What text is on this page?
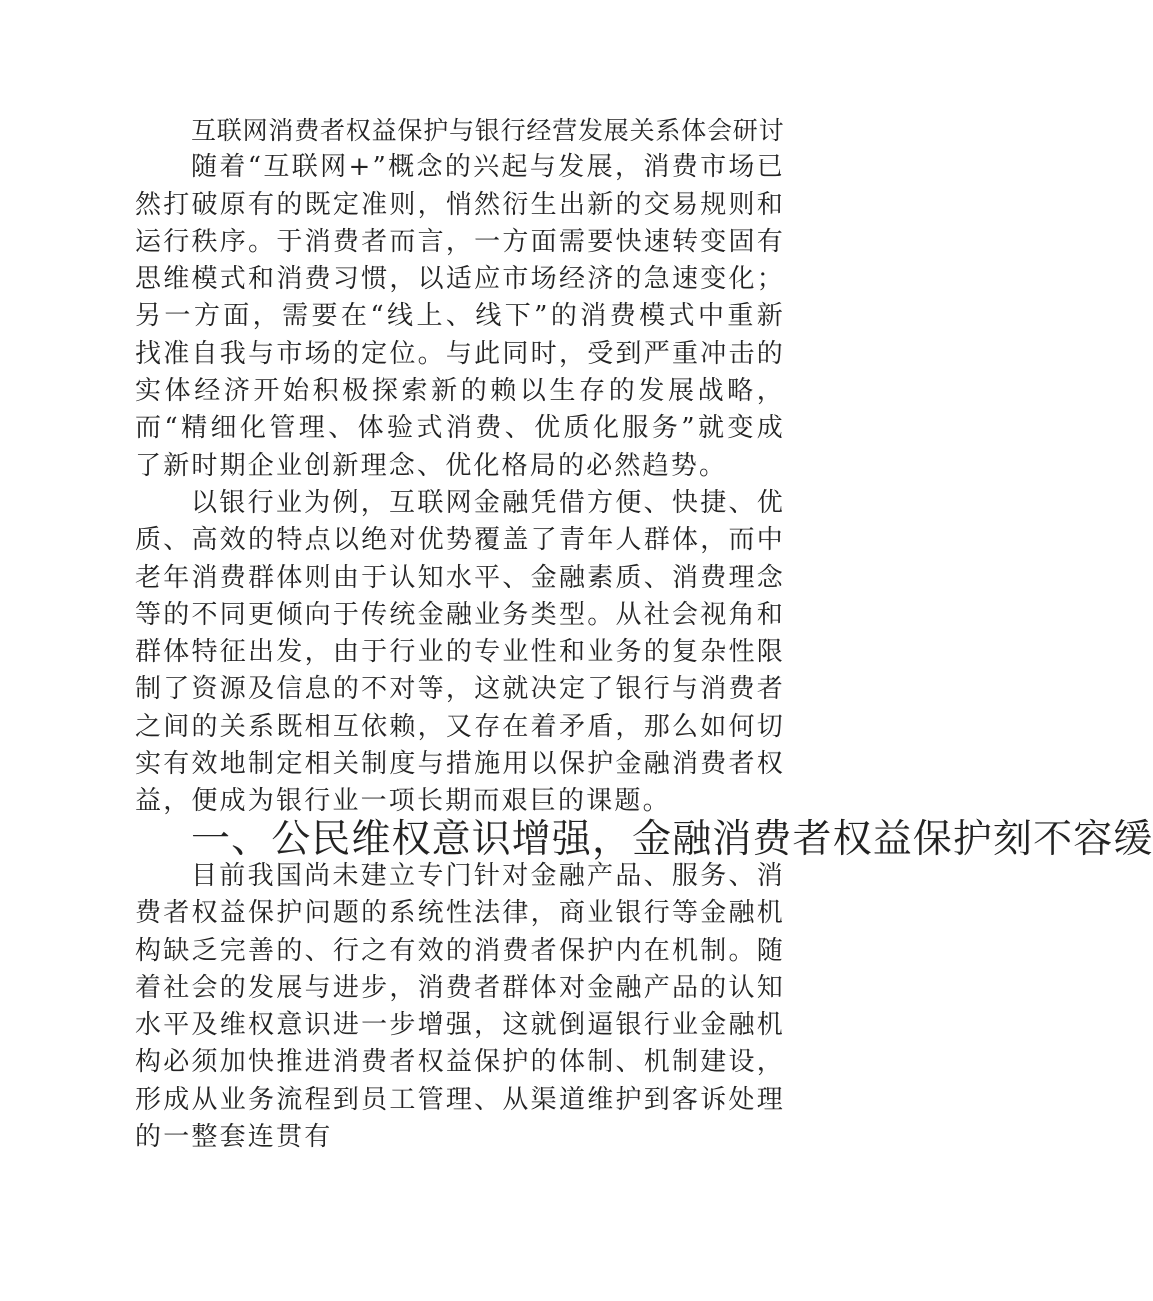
互联网消费者权益保护与银行经营发展关系体会研讨

随着“互联网+”概念的兴起与发展，消费市场已然打破原有的既定准则，悄然衍生出新的交易规则和运行秩序。于消费者而言，一方面需要快速转变固有思维模式和消费习惯，以适应市场经济的急速变化；另一方面，需要在“线上、线下”的消费模式中重新找准自我与市场的定位。与此同时，受到严重冲击的实体经济开始积极探索新的赖以生存的发展战略，而“精细化管理、体验式消费、优质化服务”就变成了新时期企业创新理念、优化格局的必然趋势。

以银行业为例，互联网金融凭借方便、快捷、优质、高效的特点以绝对优势覆盖了青年人群体，而中老年消费群体则由于认知水平、金融素质、消费理念等的不同更倾向于传统金融业务类型。从社会视角和群体特征出发，由于行业的专业性和业务的复杂性限制了资源及信息的不对等，这就决定了银行与消费者之间的关系既相互依赖，又存在着矛盾，那么如何切实有效地制定相关制度与措施用以保护金融消费者权益，便成为银行业一项长期而艰巨的课题。

一、公民维权意识增强，金融消费者权益保护刻不容缓

目前我国尚未建立专门针对金融产品、服务、消费者权益保护问题的系统性法律，商业银行等金融机构缺乏完善的、行之有效的消费者保护内在机制。随着社会的发展与进步，消费者群体对金融产品的认知水平及维权意识进一步增强，这就倒逼银行业金融机构必须加快推进消费者权益保护的体制、机制建设，形成从业务流程到员工管理、从渠道维护到客诉处理的一整套连贯有
